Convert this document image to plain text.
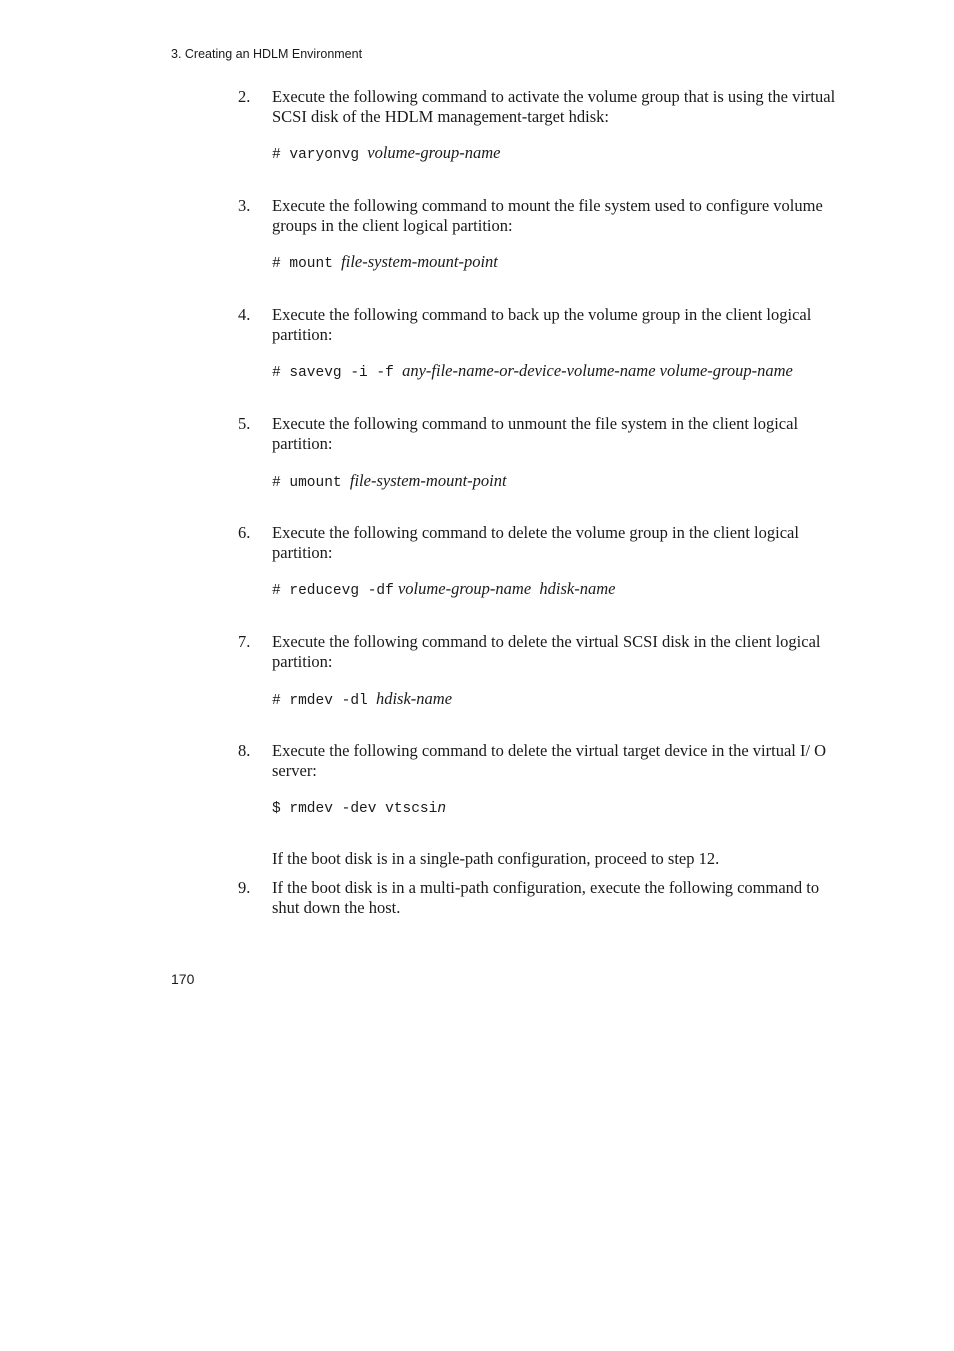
3. Creating an HDLM Environment
2. Execute the following command to activate the volume group that is using the virtual SCSI disk of the HDLM management-target hdisk:
# varyonvg volume-group-name
3. Execute the following command to mount the file system used to configure volume groups in the client logical partition:
# mount file-system-mount-point
4. Execute the following command to back up the volume group in the client logical partition:
# savevg -i -f any-file-name-or-device-volume-name volume-group-name
5. Execute the following command to unmount the file system in the client logical partition:
# umount file-system-mount-point
6. Execute the following command to delete the volume group in the client logical partition:
# reducevg -df volume-group-name  hdisk-name
7. Execute the following command to delete the virtual SCSI disk in the client logical partition:
# rmdev -dl hdisk-name
8. Execute the following command to delete the virtual target device in the virtual I/ O server:
$ rmdev -dev vtscsin
If the boot disk is in a single-path configuration, proceed to step 12.
9. If the boot disk is in a multi-path configuration, execute the following command to shut down the host.
170
